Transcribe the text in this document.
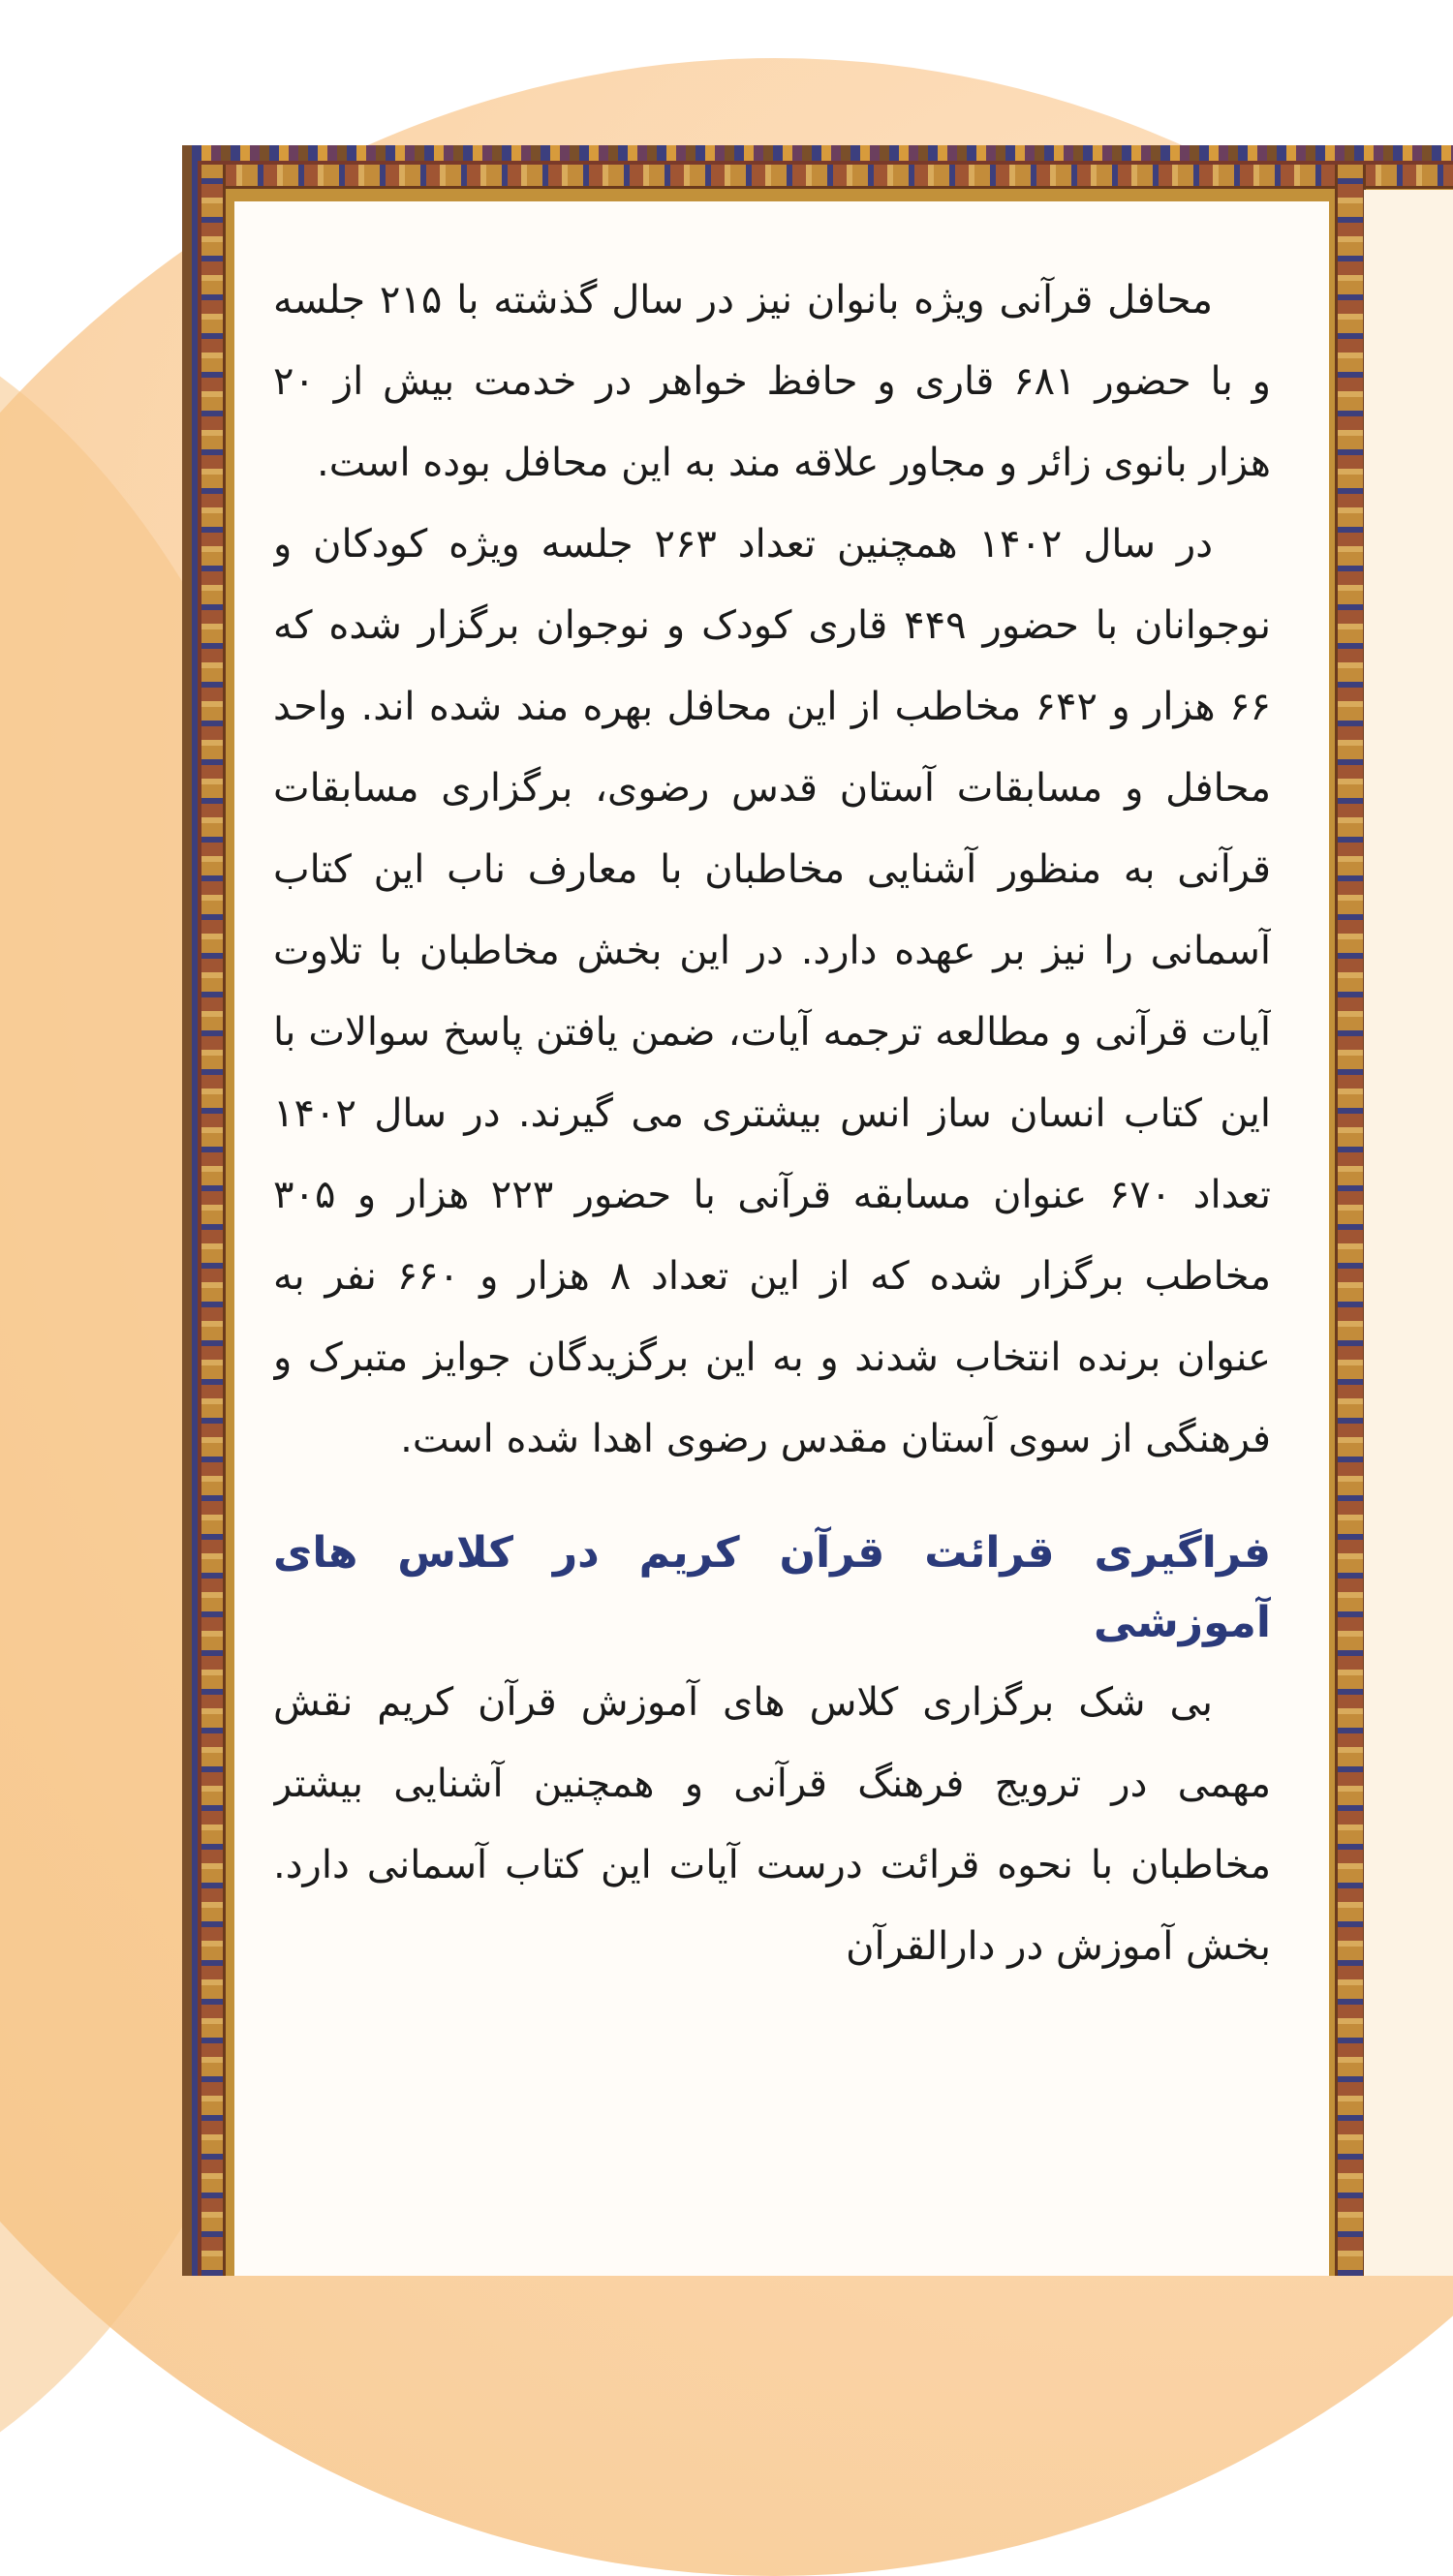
محافل قرآنی ویژه بانوان نیز در سال گذشته با ۲۱۵ جلسه و با حضور ۶۸۱ قاری و حافظ خواهر در خدمت بیش از ۲۰ هزار بانوی زائر و مجاور علاقه مند به این محافل بوده است.

در سال ۱۴۰۲ همچنین تعداد ۲۶۳ جلسه ویژه کودکان و نوجوانان با حضور ۴۴۹ قاری کودک و نوجوان برگزار شده که ۶۶ هزار و ۶۴۲ مخاطب از این محافل بهره مند شده اند. واحد محافل و مسابقات آستان قدس رضوی، برگزاری مسابقات قرآنی به منظور آشنایی مخاطبان با معارف ناب این کتاب آسمانی را نیز بر عهده دارد. در این بخش مخاطبان با تلاوت آیات قرآنی و مطالعه ترجمه آیات، ضمن یافتن پاسخ سوالات با این کتاب انسان ساز انس بیشتری می گیرند. در سال ۱۴۰۲ تعداد ۶۷۰ عنوان مسابقه قرآنی با حضور ۲۲۳ هزار و ۳۰۵ مخاطب برگزار شده که از این تعداد ۸ هزار و ۶۶۰ نفر به عنوان برنده انتخاب شدند و به این برگزیدگان جوایز متبرک و فرهنگی از سوی آستان مقدس رضوی اهدا شده است.

فراگیری قرائت قرآن کریم در کلاس های آموزشی

بی شک برگزاری کلاس های آموزش قرآن کریم نقش مهمی در ترویج فرهنگ قرآنی و همچنین آشنایی بیشتر مخاطبان با نحوه قرائت درست آیات این کتاب آسمانی دارد. بخش آموزش در دارالقرآن
